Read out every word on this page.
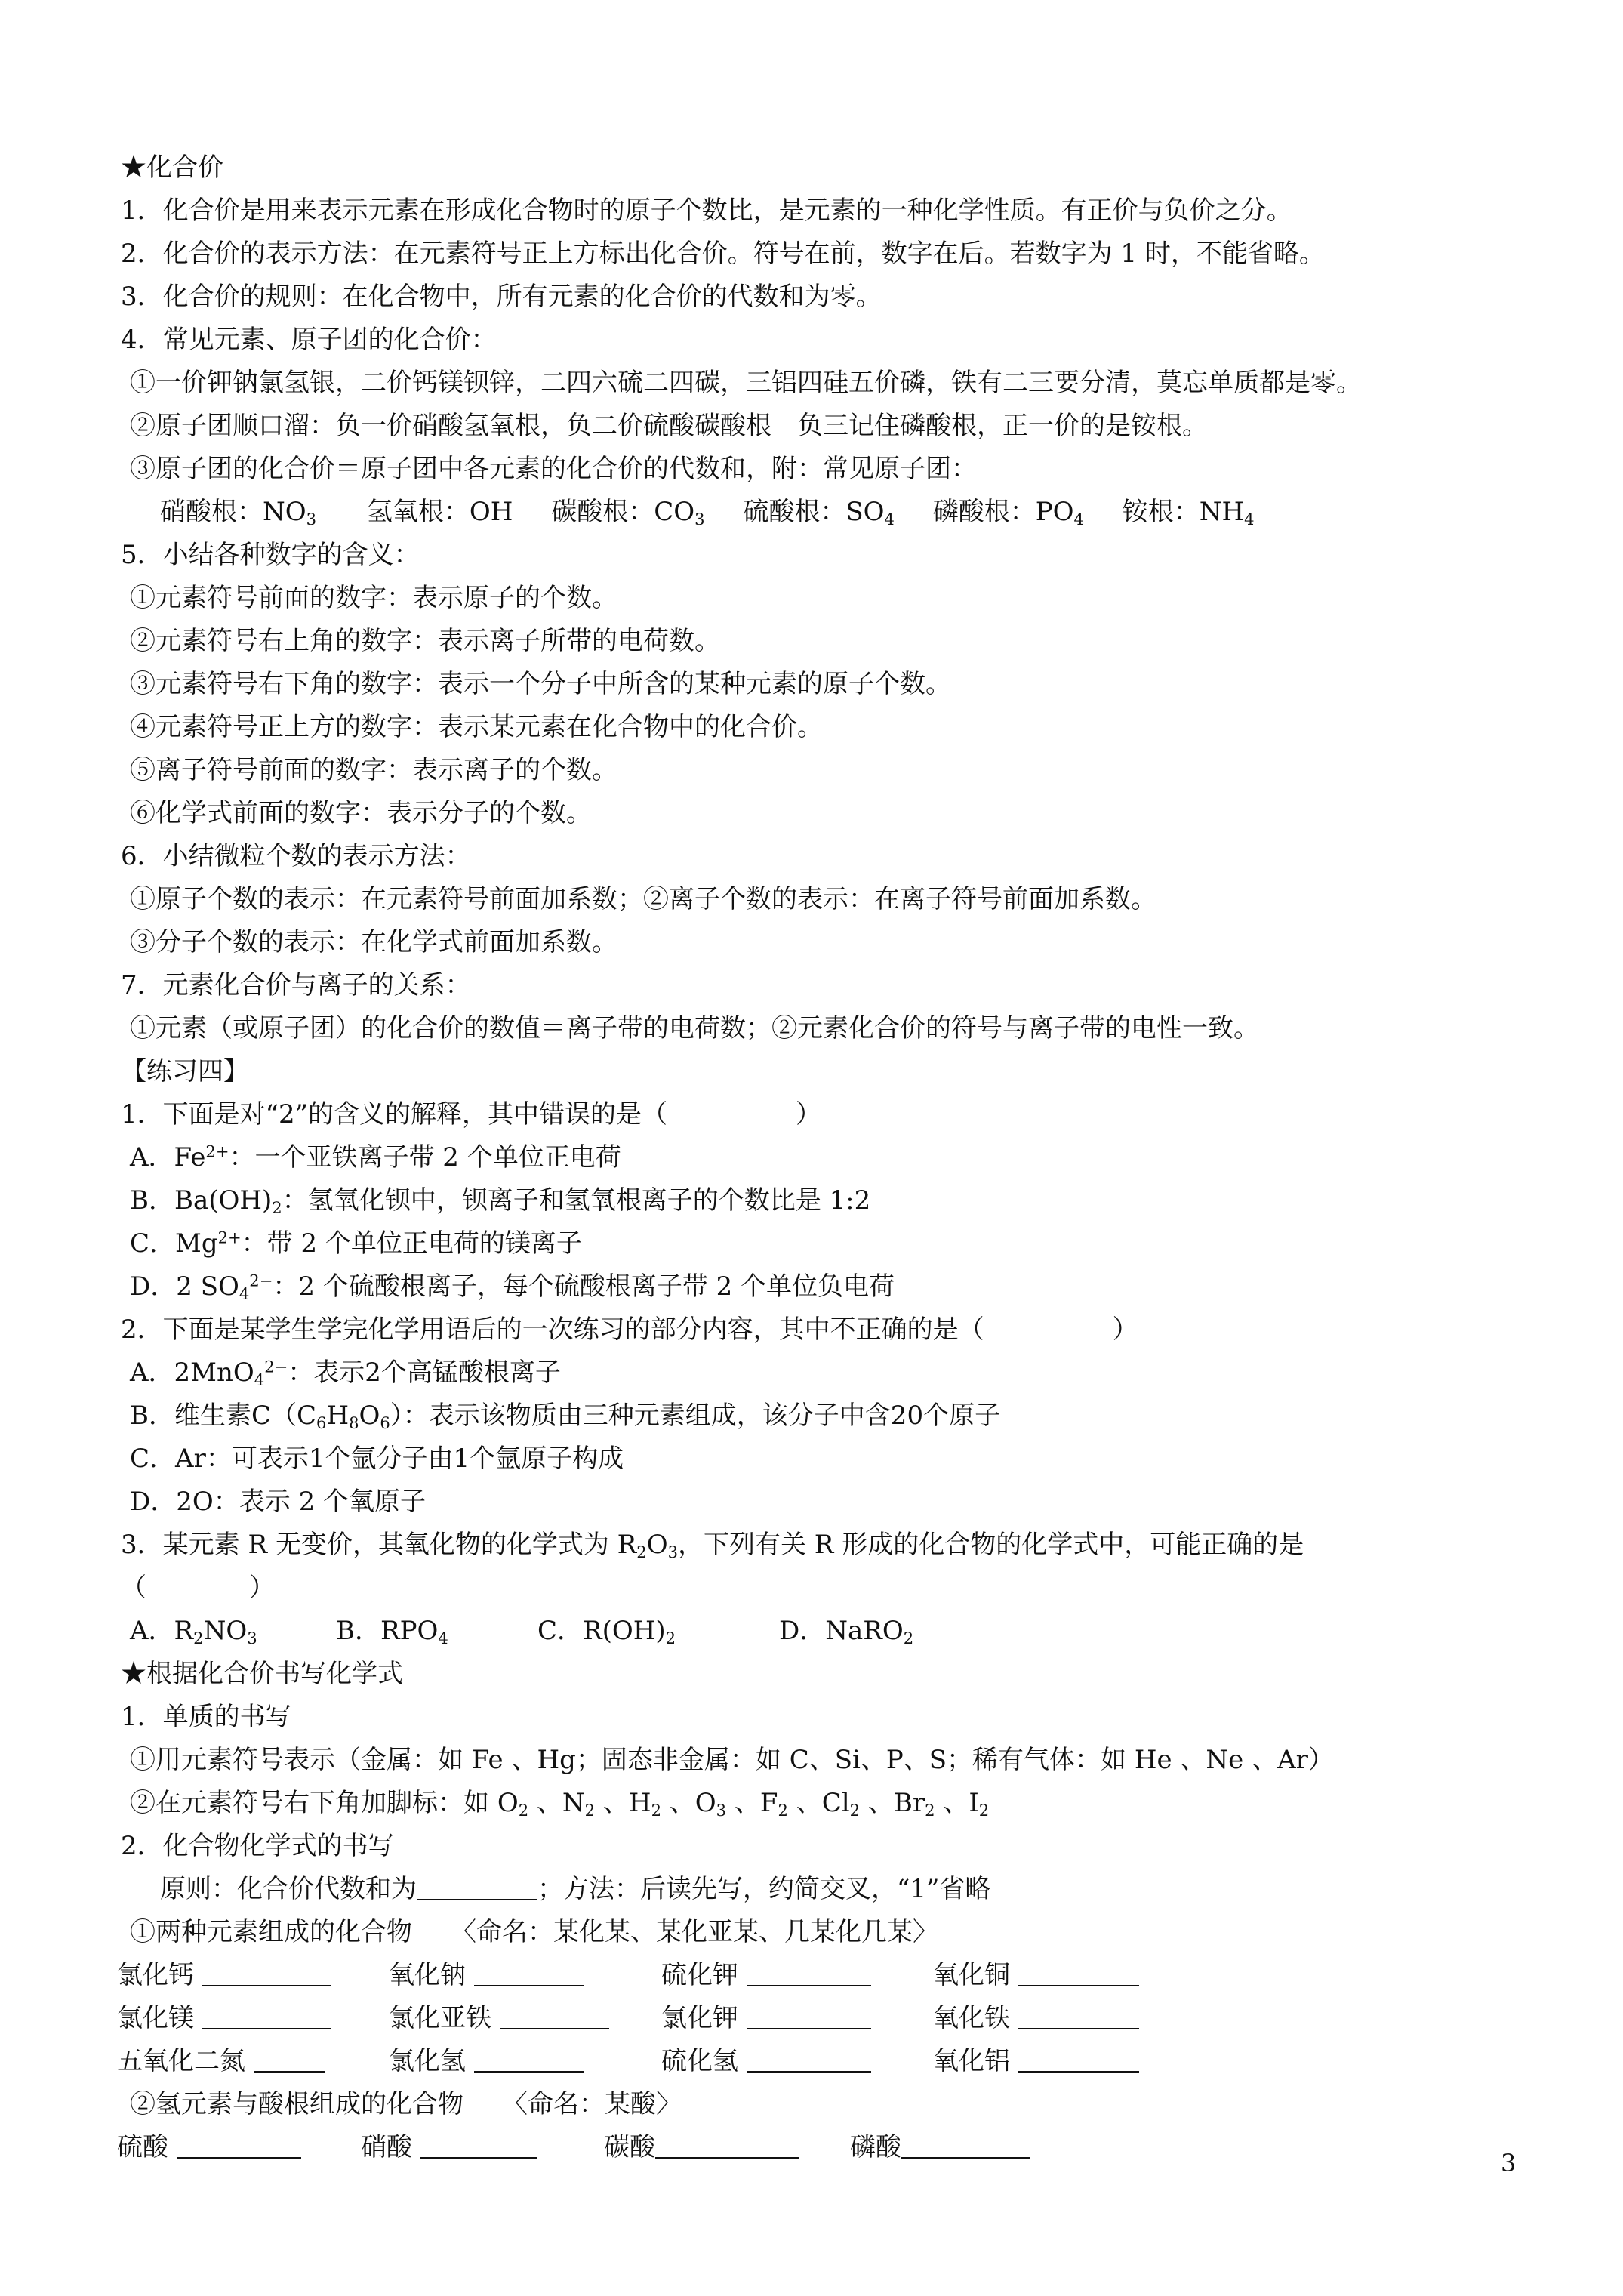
★化合价
1．化合价是用来表示元素在形成化合物时的原子个数比，是元素的一种化学性质。有正价与负价之分。
2．化合价的表示方法：在元素符号正上方标出化合价。符号在前，数字在后。若数字为 1 时，不能省略。
3．化合价的规则：在化合物中，所有元素的化合价的代数和为零。
4．常见元素、原子团的化合价：
①一价钾钠氯氢银，二价钙镁钡锌，二四六硫二四碳，三铝四硅五价磷，铁有二三要分清，莫忘单质都是零。
②原子团顺口溜：负一价硝酸氢氧根，负二价硫酸碳酸根　负三记住磷酸根，正一价的是铵根。
③原子团的化合价＝原子团中各元素的化合价的代数和，附：常见原子团：
硝酸根：$NO_3$ 氢氧根：OH 碳酸根：$CO_3$ 硫酸根：$SO_4$ 磷酸根：$PO_4$ 铵根：$NH_4$
5．小结各种数字的含义：
①元素符号前面的数字：表示原子的个数。
②元素符号右上角的数字：表示离子所带的电荷数。
③元素符号右下角的数字：表示一个分子中所含的某种元素的原子个数。
④元素符号正上方的数字：表示某元素在化合物中的化合价。
⑤离子符号前面的数字：表示离子的个数。
⑥化学式前面的数字：表示分子的个数。
6．小结微粒个数的表示方法：
①原子个数的表示：在元素符号前面加系数；②离子个数的表示：在离子符号前面加系数。
③分子个数的表示：在化学式前面加系数。
7．元素化合价与离子的关系：
①元素（或原子团）的化合价的数值＝离子带的电荷数；②元素化合价的符号与离子带的电性一致。
【练习四】
1．下面是对“2”的含义的解释，其中错误的是（　　　　　）
A．$Fe^{2+}$：一个亚铁离子带 2 个单位正电荷
B．$Ba(OH)_2$：氢氧化钡中，钡离子和氢氧根离子的个数比是 1:2
C．$Mg^{2+}$：带 2 个单位正电荷的镁离子
D．2 $SO_4^{2-}$：2 个硫酸根离子，每个硫酸根离子带 2 个单位负电荷
2．下面是某学生学完化学用语后的一次练习的部分内容，其中不正确的是（　　　　　）
A．2MnO$_4^{2-}$：表示2个高锰酸根离子
B．维生素$C(C_6H_8O_6)$：表示该物质由三种元素组成，该分子中含20个原子
C．Ar：可表示1个氩分子由1个氩原子构成
D．2O：表示 2 个氧原子
3．某元素 R 无变价，其氧化物的化学式为 $R_2O_3$，下列有关 R 形成的化合物的化学式中，可能正确的是
（　　　　）
A．$R_2NO_3$	B．$RPO_4$	C．$R(OH)_2$	D．NaRO$_2$
★根据化合价书写化学式
1．单质的书写
①用元素符号表示（金属：如 Fe 、Hg；固态非金属：如 C、Si、P、S；稀有气体：如 He 、Ne 、Ar）
②在元素符号右下角加脚标：如 $O_2$ 、$N_2$ 、$H_2$ 、$O_3$ 、$F_2$ 、$Cl_2$ 、$Br_2$ 、$I_2$
2．化合物化学式的书写
原则：化合价代数和为	；方法：后读先写，约简交叉，“1”省略
①两种元素组成的化合物　　〈命名：某化某、某化亚某、几某化几某〉
氯化钙	氧化钠	硫化钾	氧化铜
氯化镁	氯化亚铁	氯化钾	氧化铁
五氧化二氮	氯化氢	硫化氢	氧化铝
②氢元素与酸根组成的化合物　　〈命名：某酸〉
硫酸	硝酸	碳酸	磷酸
3
